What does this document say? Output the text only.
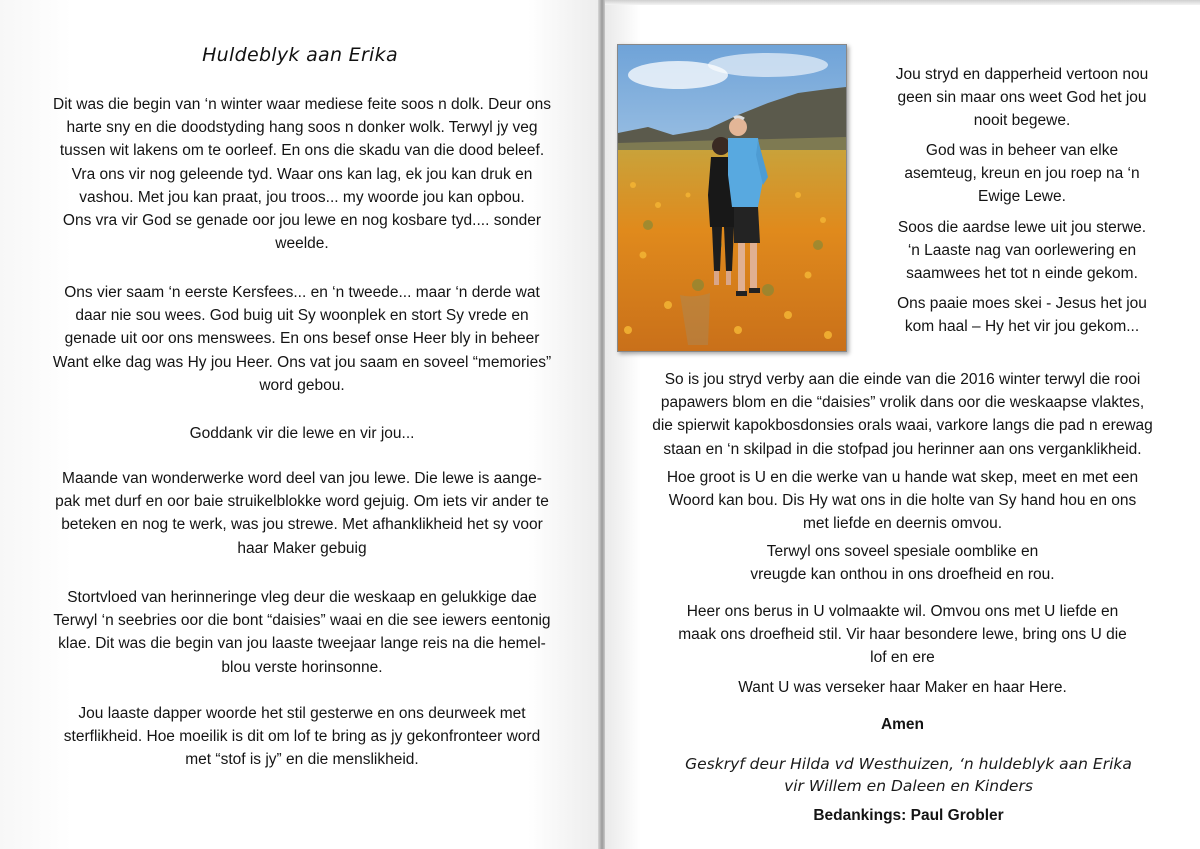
Huldeblyk aan Erika

Dit was die begin van ‘n winter waar mediese feite soos n dolk. Deur ons
harte sny en die doodstyding hang soos n donker wolk. Terwyl jy veg
tussen wit lakens om te oorleef. En ons die skadu van die dood beleef.
Vra ons vir nog geleende tyd. Waar ons kan lag, ek jou kan druk en
vashou. Met jou kan praat, jou troos... my woorde jou kan opbou.
Ons vra vir God se genade oor jou lewe en nog kosbare tyd.... sonder
weelde.

Ons vier saam ‘n eerste Kersfees... en ‘n tweede... maar ‘n derde wat
daar nie sou wees. God buig uit Sy woonplek en stort Sy vrede en
genade uit oor ons menswees. En ons besef onse Heer bly in beheer
Want elke dag was Hy jou Heer. Ons vat jou saam en soveel “memories”
word gebou.

Goddank vir die lewe en vir jou...

Maande van wonderwerke word deel van jou lewe. Die lewe is aange-
pak met durf en oor baie struikelblokke word gejuig. Om iets vir ander te
beteken en nog te werk, was jou strewe. Met afhanklikheid het sy voor
haar Maker gebuig

Stortvloed van herinneringe vleg deur die weskaap en gelukkige dae
Terwyl ‘n seebries oor die bont “daisies” waai en die see iewers eentonig
klae. Dit was die begin van jou laaste tweejaar lange reis na die hemel-
blou verste horinsonne.

Jou laaste dapper woorde het stil gesterwe en ons deurweek met
sterflikheid. Hoe moeilik is dit om lof te bring as jy gekonfronteer word
met “stof is jy” en die menslikheid.

Jou stryd en dapperheid vertoon nou
geen sin maar ons weet God het jou
nooit begewe.

God was in beheer van elke
asemteug, kreun en jou roep na ‘n
Ewige Lewe.

Soos die aardse lewe uit jou sterwe.
‘n Laaste nag van oorlewering en
saamwees het tot n einde gekom.

Ons paaie moes skei - Jesus het jou
kom haal – Hy het vir jou gekom...

So is jou stryd verby aan die einde van die 2016 winter terwyl die rooi
papawers blom en die “daisies” vrolik dans oor die weskaapse vlaktes,
die spierwit kapokbosdonsies orals waai, varkore langs die pad n erewag
staan en ‘n skilpad in die stofpad jou herinner aan ons verganklikheid.

Hoe groot is U en die werke van u hande wat skep, meet en met een
Woord kan bou. Dis Hy wat ons in die holte van Sy hand hou en ons
met liefde en deernis omvou.

Terwyl ons soveel spesiale oomblike en
vreugde kan onthou in ons droefheid en rou.

Heer ons berus in U volmaakte wil. Omvou ons met U liefde en
maak ons droefheid stil. Vir haar besondere lewe, bring ons U die
lof en ere

Want U was verseker haar Maker en haar Here.

Amen

Geskryf deur Hilda vd Westhuizen, ‘n huldeblyk aan Erika
vir Willem en Daleen en Kinders

Bedankings: Paul Grobler
